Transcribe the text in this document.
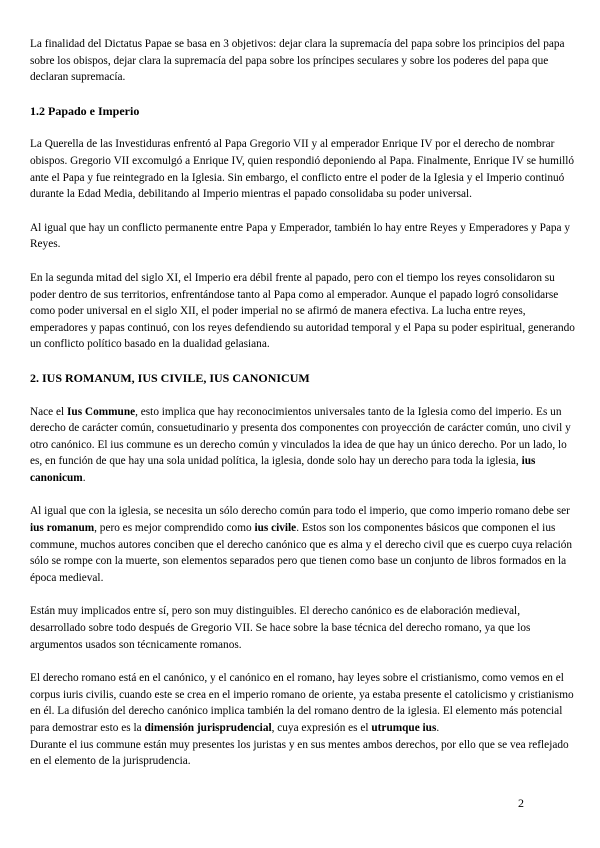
La finalidad del Dictatus Papae se basa en 3 objetivos: dejar clara la supremacía del papa sobre los principios del papa sobre los obispos, dejar clara la supremacía del papa sobre los príncipes seculares y sobre los poderes del papa que declaran supremacía.

1.2 Papado e Imperio

La Querella de las Investiduras enfrentó al Papa Gregorio VII y al emperador Enrique IV por el derecho de nombrar obispos. Gregorio VII excomulgó a Enrique IV, quien respondió deponiendo al Papa. Finalmente, Enrique IV se humilló ante el Papa y fue reintegrado en la Iglesia. Sin embargo, el conflicto entre el poder de la Iglesia y el Imperio continuó durante la Edad Media, debilitando al Imperio mientras el papado consolidaba su poder universal.

Al igual que hay un conflicto permanente entre Papa y Emperador, también lo hay entre Reyes y Emperadores y Papa y Reyes.

En la segunda mitad del siglo XI, el Imperio era débil frente al papado, pero con el tiempo los reyes consolidaron su poder dentro de sus territorios, enfrentándose tanto al Papa como al emperador. Aunque el papado logró consolidarse como poder universal en el siglo XII, el poder imperial no se afirmó de manera efectiva. La lucha entre reyes, emperadores y papas continuó, con los reyes defendiendo su autoridad temporal y el Papa su poder espiritual, generando un conflicto político basado en la dualidad gelasiana.

2. IUS ROMANUM, IUS CIVILE, IUS CANONICUM

Nace el Ius Commune, esto implica que hay reconocimientos universales tanto de la Iglesia como del imperio. Es un derecho de carácter común, consuetudinario y presenta dos componentes con proyección de carácter común, uno civil y otro canónico. El ius commune es un derecho común y vinculados la idea de que hay un único derecho. Por un lado, lo es, en función de que hay una sola unidad política, la iglesia, donde solo hay un derecho para toda la iglesia, ius canonicum.

Al igual que con la iglesia, se necesita un sólo derecho común para todo el imperio, que como imperio romano debe ser ius romanum, pero es mejor comprendido como ius civile. Estos son los componentes básicos que componen el ius commune, muchos autores conciben que el derecho canónico que es alma y el derecho civil que es cuerpo cuya relación sólo se rompe con la muerte, son elementos separados pero que tienen como base un conjunto de libros formados en la época medieval.

Están muy implicados entre sí, pero son muy distinguibles. El derecho canónico es de elaboración medieval, desarrollado sobre todo después de Gregorio VII. Se hace sobre la base técnica del derecho romano, ya que los argumentos usados son técnicamente romanos.

El derecho romano está en el canónico, y el canónico en el romano, hay leyes sobre el cristianismo, como vemos en el corpus iuris civilis, cuando este se crea en el imperio romano de oriente, ya estaba presente el catolicismo y cristianismo en él. La difusión del derecho canónico implica también la del romano dentro de la iglesia. El elemento más potencial para demostrar esto es la dimensión jurisprudencial, cuya expresión es el utrumque ius.

Durante el ius commune están muy presentes los juristas y en sus mentes ambos derechos, por ello que se vea reflejado en el elemento de la jurisprudencia.

2
